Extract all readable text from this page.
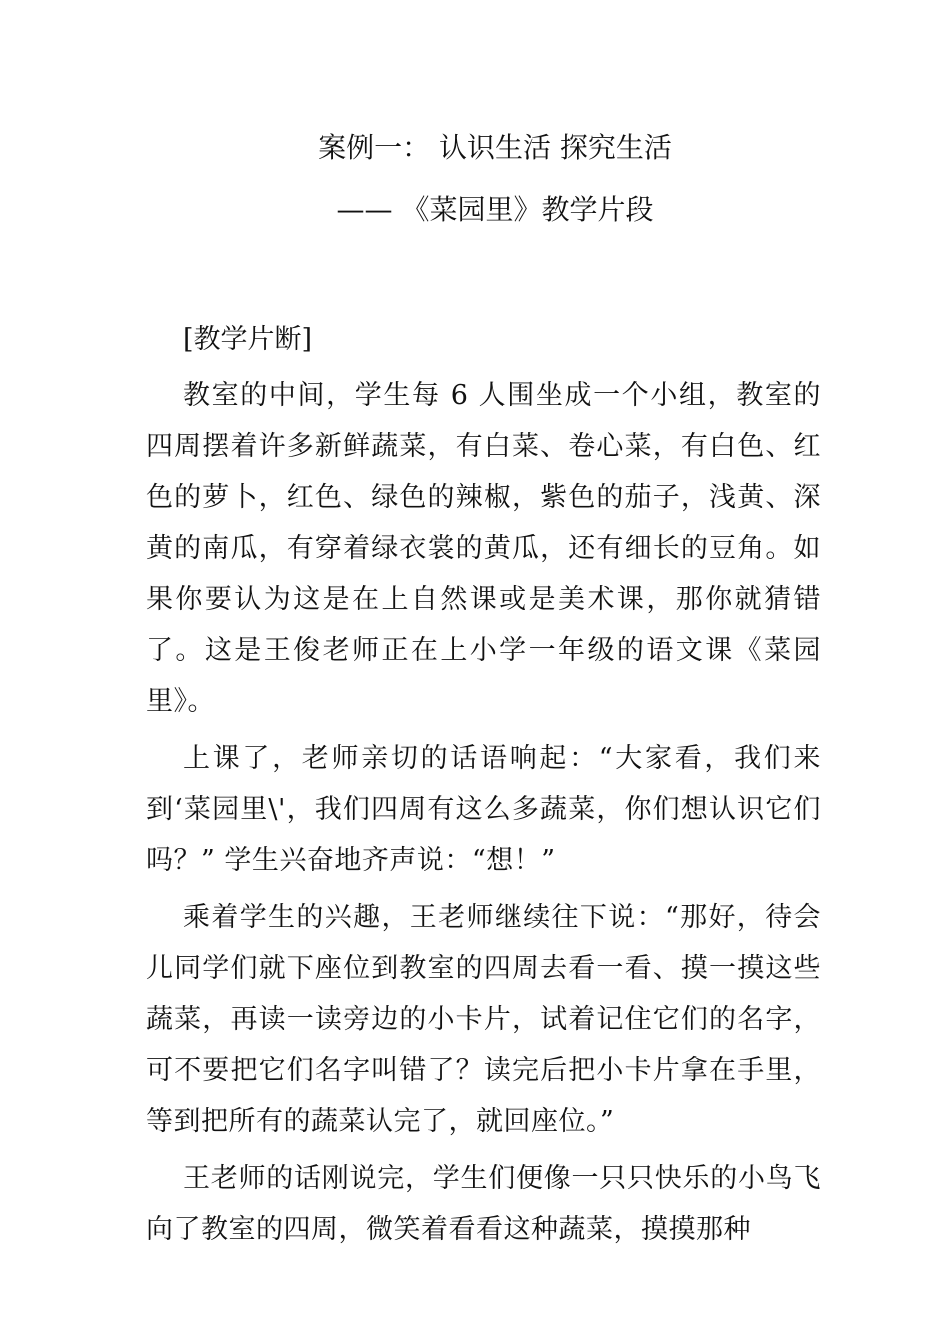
案例一： 认识生活 探究生活
—— 《菜园里》教学片段
[教学片断]

教室的中间，学生每 6 人围坐成一个小组，教室的四周摆着许多新鲜蔬菜，有白菜、卷心菜，有白色、红色的萝卜，红色、绿色的辣椒，紫色的茄子，浅黄、深黄的南瓜，有穿着绿衣裳的黄瓜，还有细长的豆角。如果你要认为这是在上自然课或是美术课，那你就猜错了。这是王俊老师正在上小学一年级的语文课《菜园里》。

上课了，老师亲切的话语响起：“大家看，我们来到‘菜园里\'，我们四周有这么多蔬菜，你们想认识它们吗？” 学生兴奋地齐声说：“想！”

乘着学生的兴趣，王老师继续往下说：“那好，待会儿同学们就下座位到教室的四周去看一看、摸一摸这些蔬菜，再读一读旁边的小卡片，试着记住它们的名字，可不要把它们名字叫错了？读完后把小卡片拿在手里，等到把所有的蔬菜认完了，就回座位。”

王老师的话刚说完，学生们便像一只只快乐的小鸟飞向了教室的四周，微笑着看看这种蔬菜，摸摸那种
